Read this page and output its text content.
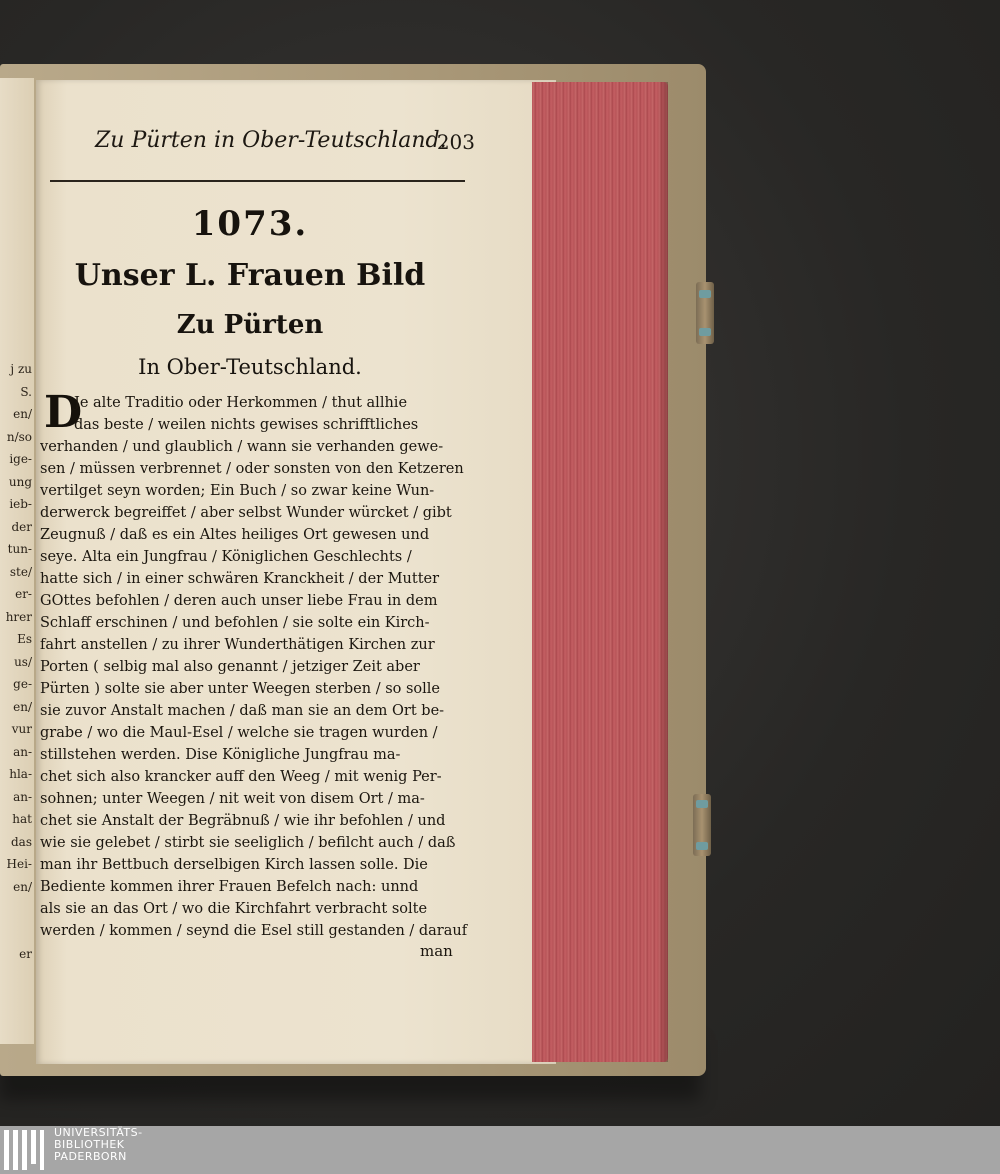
j zu
S.
en/
n/so
ige-
ung
ieb-
der
tun-
ste/
er-
hrer
Es
us/
ge-
en/
vur
an-
hla-
an-
hat
das
Hei-
en/
er
Zu Pürten in Ober-Teutschland.
203
1073.
Unser L. Frauen Bild
Zu Pürten
In Ober-Teutschland.
D
Je alte Traditio oder Herkommen / thut allhie
das beste / weilen nichts gewises schrifftliches
verhanden / und glaublich / wann sie verhanden gewe-
sen / müssen verbrennet / oder sonsten von den Ketzeren
vertilget seyn worden; Ein Buch / so zwar keine Wun-
derwerck begreiffet / aber selbst Wunder würcket / gibt
Zeugnuß / daß es ein Altes heiliges Ort gewesen und
seye. Alta ein Jungfrau / Königlichen Geschlechts /
hatte sich / in einer schwären Kranckheit / der Mutter
GOttes befohlen / deren auch unser liebe Frau in dem
Schlaff erschinen / und befohlen / sie solte ein Kirch-
fahrt anstellen / zu ihrer Wunderthätigen Kirchen zur
Porten ( selbig mal also genannt / jetziger Zeit aber
Pürten ) solte sie aber unter Weegen sterben / so solle
sie zuvor Anstalt machen / daß man sie an dem Ort be-
grabe / wo die Maul-Esel / welche sie tragen wurden /
stillstehen werden. Dise Königliche Jungfrau ma-
chet sich also krancker auff den Weeg / mit wenig Per-
sohnen; unter Weegen / nit weit von disem Ort / ma-
chet sie Anstalt der Begräbnuß / wie ihr befohlen / und
wie sie gelebet / stirbt sie seeliglich / befilcht auch / daß
man ihr Bettbuch derselbigen Kirch lassen solle. Die
Bediente kommen ihrer Frauen Befelch nach: unnd
als sie an das Ort / wo die Kirchfahrt verbracht solte
werden / kommen / seynd die Esel still gestanden / darauf
man
UNIVERSITÄTS-
BIBLIOTHEK
PADERBORN
